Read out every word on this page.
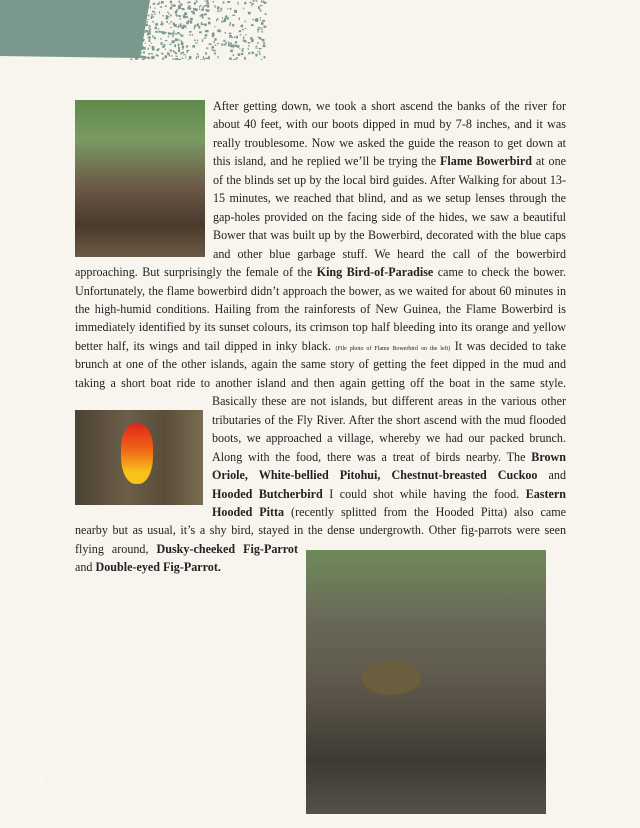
After getting down, we took a short ascend the banks of the river for about 40 feet, with our boots dipped in mud by 7-8 inches, and it was really troublesome. Now we asked the guide the reason to get down at this island, and he replied we’ll be trying the Flame Bowerbird at one of the blinds set up by the local bird guides. After Walking for about 13-15 minutes, we reached that blind, and as we setup lenses through the gap-holes provided on the facing side of the hides, we saw a beautiful Bower that was built up by the Bowerbird, decorated with the blue caps and other blue garbage stuff. We heard the call of the bowerbird approaching. But surprisingly the female of the
King Bird-of-Paradise came to check the bower. Unfortunately, the flame bowerbird didn’t approach the bower, as we waited for about 60 minutes in the high-humid conditions. Hailing from the rainforests of New Guinea, the Flame Bowerbird is immediately identified by its sunset colours, its crimson top half bleeding into its orange and yellow better half, its wings and tail dipped in inky black. (File photo of Flame Bowerbird on the left) It was decided to take brunch at one of the other islands, again the same story of getting the feet dipped in the mud and taking a short boat ride to another island and then again getting off the boat in the same style. Basically these are not islands, but different areas in the various other tributaries of the Fly River. After the short ascend with the mud flooded boots, we approached a village, whereby we had our packed brunch. Along with the food, there was a treat of birds nearby. The Brown Oriole, White-bellied Pitohui, Chestnut-breasted Cuckoo and Hooded Butcherbird I could shot while having the food. Eastern Hooded Pitta (recently splitted from the Hooded Pitta) also came nearby but as usual, it’s a shy bird, stayed in the dense undergrowth. Other fig-parrots were seen flying around, Dusky-cheeked Fig-Parrot and Double-eyed Fig-Parrot.
3
